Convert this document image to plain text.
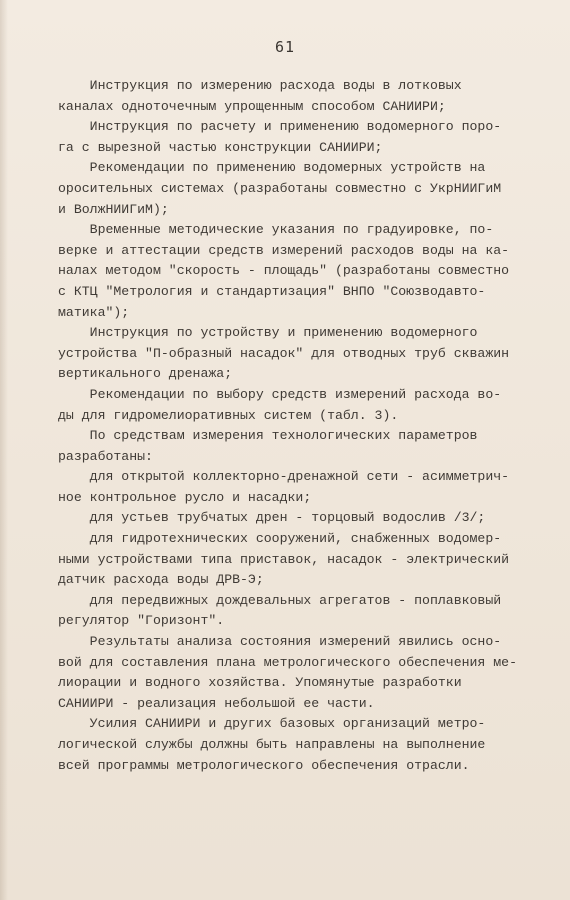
61
Инструкция по измерению расхода воды в лотковых
каналах одноточечным упрощенным способом САНИИРИ;
Инструкция по расчету и применению водомерного поро-
га с вырезной частью конструкции САНИИРИ;
Рекомендации по применению водомерных устройств на
оросительных системах (разработаны совместно с УкрНИИГиМ
и ВолжНИИГиМ);
Временные методические указания по градуировке, по-
верке и аттестации средств измерений расходов воды на ка-
налах методом "скорость - площадь" (разработаны совместно
с КТЦ "Метрология и стандартизация" ВНПО "Союзводавто-
матика");
Инструкция по устройству и применению водомерного
устройства "П-образный насадок" для отводных труб скважин
вертикального дренажа;
Рекомендации по выбору средств измерений расхода во-
ды для гидромелиоративных систем (табл. 3).
По средствам измерения технологических параметров
разработаны:
для открытой коллекторно-дренажной сети - асимметрич-
ное контрольное русло и насадки;
для устьев трубчатых дрен - торцовый водослив /3/;
для гидротехнических сооружений, снабженных водомер-
ными устройствами типа приставок, насадок - электрический
датчик расхода воды ДРВ-Э;
для передвижных дождевальных агрегатов - поплавковый
регулятор "Горизонт".
Результаты анализа состояния измерений явились осно-
вой для составления плана метрологического обеспечения ме-
лиорации и водного хозяйства. Упомянутые разработки
САНИИРИ - реализация небольшой ее части.
Усилия САНИИРИ и других базовых организаций метро-
логической службы должны быть направлены на выполнение
всей программы метрологического обеспечения отрасли.
